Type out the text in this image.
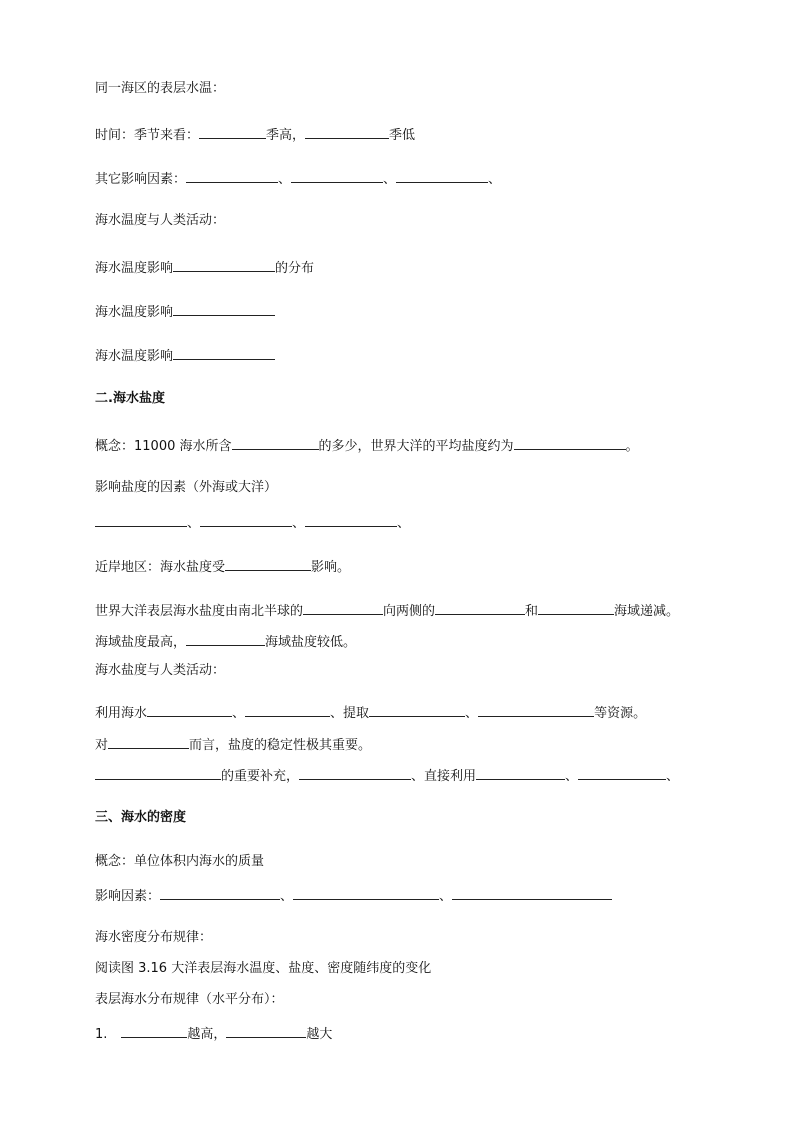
同一海区的表层水温：
时间：季节来看：	季高，	季低
其它影响因素：	、	、	、
海水温度与人类活动：
海水温度影响	的分布
海水温度影响
海水温度影响
二.海水盐度
概念：11000 海水所含	的多少，世界大洋的平均盐度约为	。
影响盐度的因素（外海或大洋）
、	、	、
近岸地区：海水盐度受	影响。
世界大洋表层海水盐度由南北半球的	向两侧的	和	海域递减。
海域盐度最高，	海域盐度较低。
海水盐度与人类活动：
利用海水	、	、提取	、	等资源。
对	而言，盐度的稳定性极其重要。
的重要补充，	、直接利用	、	、
三、海水的密度
概念：单位体积内海水的质量
影响因素：	、	、
海水密度分布规律：
阅读图 3.16 大洋表层海水温度、盐度、密度随纬度的变化
表层海水分布规律（水平分布）：
1.	越高，	越大
